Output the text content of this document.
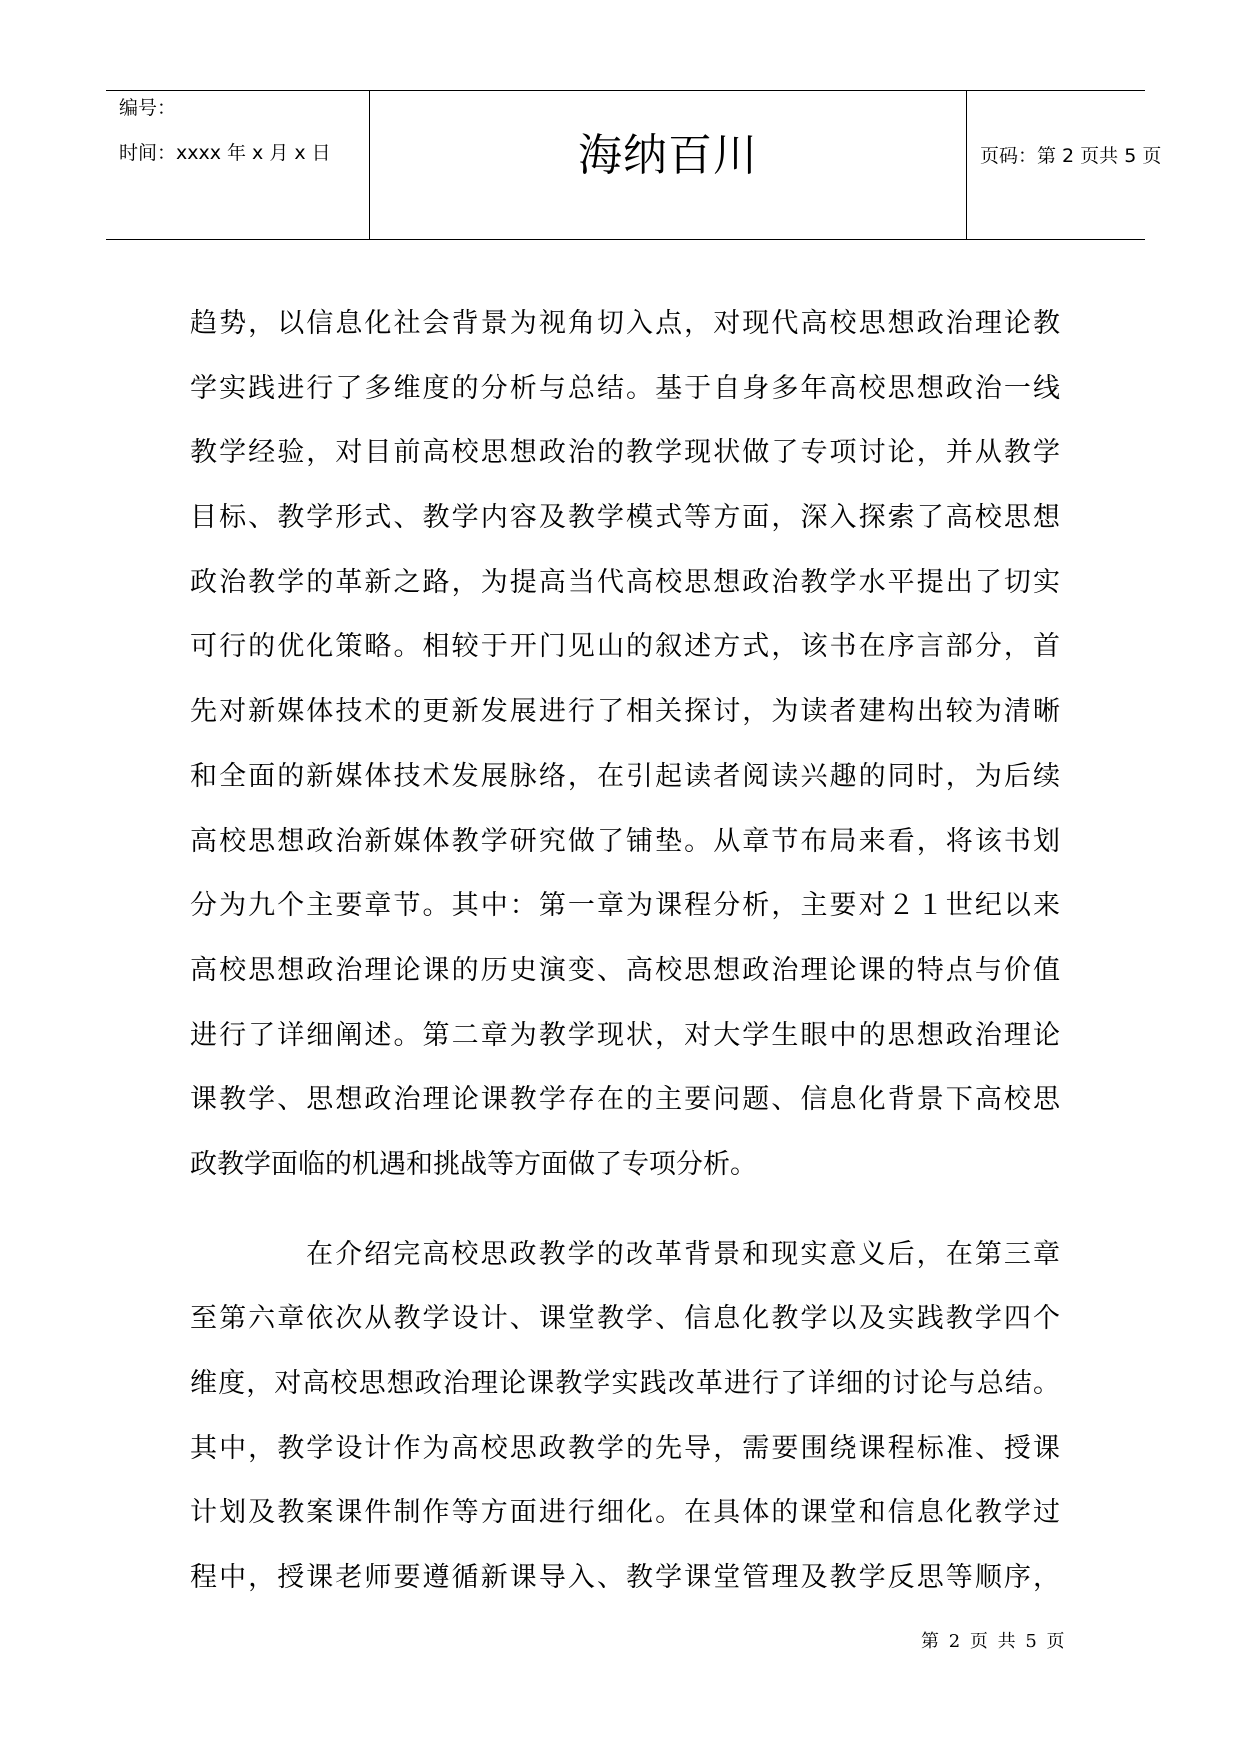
编号：
时间：xxxx 年 x 月 x 日	海纳百川	页码：第 2 页共 5 页
趋势，以信息化社会背景为视角切入点，对现代高校思想政治理论教
学实践进行了多维度的分析与总结。基于自身多年高校思想政治一线
教学经验，对目前高校思想政治的教学现状做了专项讨论，并从教学
目标、教学形式、教学内容及教学模式等方面，深入探索了高校思想
政治教学的革新之路，为提高当代高校思想政治教学水平提出了切实
可行的优化策略。相较于开门见山的叙述方式，该书在序言部分，首
先对新媒体技术的更新发展进行了相关探讨，为读者建构出较为清晰
和全面的新媒体技术发展脉络，在引起读者阅读兴趣的同时，为后续
高校思想政治新媒体教学研究做了铺垫。从章节布局来看，将该书划
分为九个主要章节。其中：第一章为课程分析，主要对２１世纪以来
高校思想政治理论课的历史演变、高校思想政治理论课的特点与价值
进行了详细阐述。第二章为教学现状，对大学生眼中的思想政治理论
课教学、思想政治理论课教学存在的主要问题、信息化背景下高校思
政教学面临的机遇和挑战等方面做了专项分析。
在介绍完高校思政教学的改革背景和现实意义后，在第三章
至第六章依次从教学设计、课堂教学、信息化教学以及实践教学四个
维度，对高校思想政治理论课教学实践改革进行了详细的讨论与总结。
其中，教学设计作为高校思政教学的先导，需要围绕课程标准、授课
计划及教案课件制作等方面进行细化。在具体的课堂和信息化教学过
程中，授课老师要遵循新课导入、教学课堂管理及教学反思等顺序，
第 2 页 共 5 页
